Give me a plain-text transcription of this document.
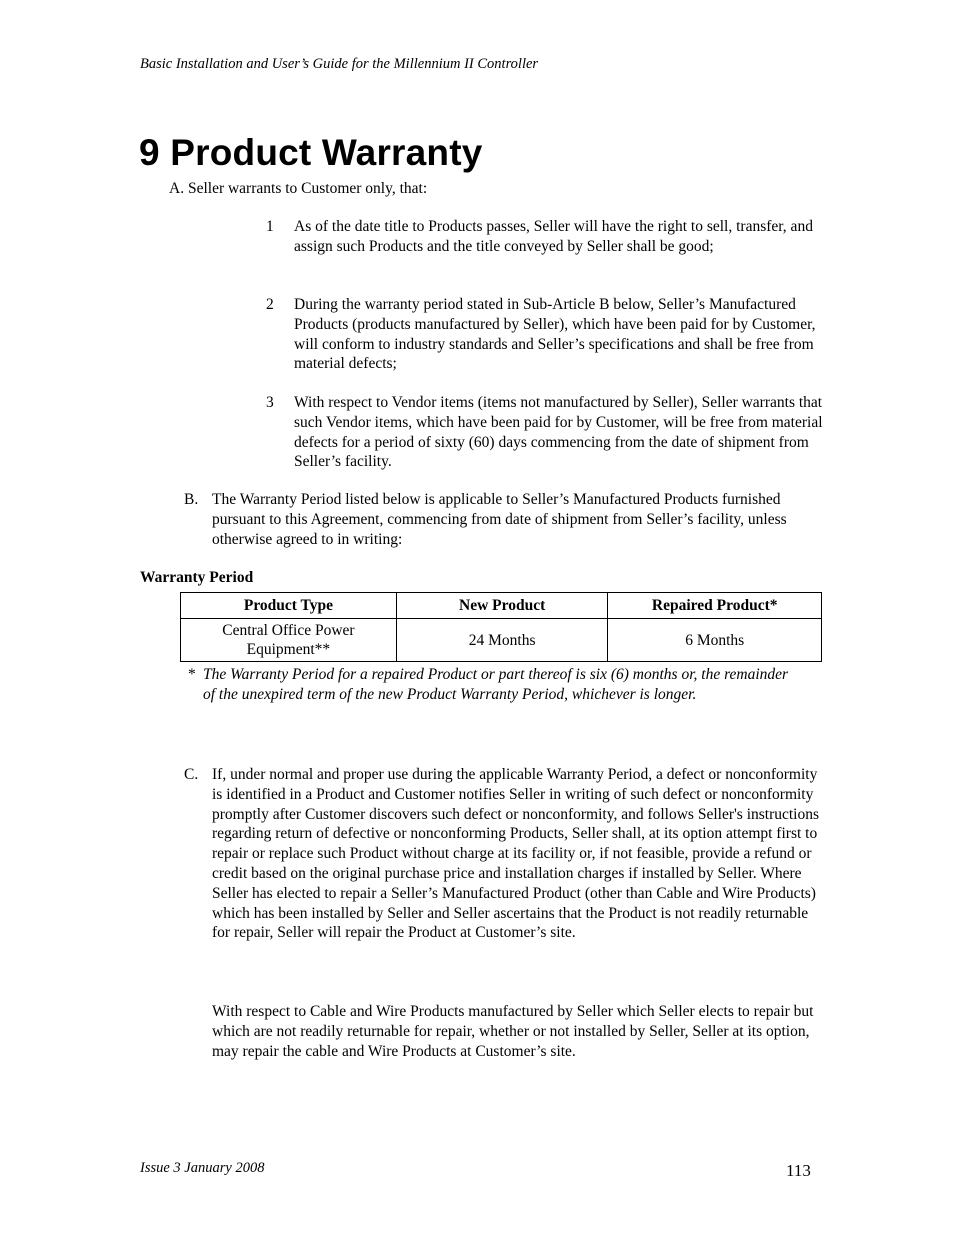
Basic Installation and User’s Guide for the Millennium II Controller
9 Product Warranty
A. Seller warrants to Customer only, that:
1 As of the date title to Products passes, Seller will have the right to sell, transfer, and assign such Products and the title conveyed by Seller shall be good;
2 During the warranty period stated in Sub-Article B below, Seller’s Manufactured Products (products manufactured by Seller), which have been paid for by Customer, will conform to industry standards and Seller’s specifications and shall be free from material defects;
3 With respect to Vendor items (items not manufactured by Seller), Seller warrants that such Vendor items, which have been paid for by Customer, will be free from material defects for a period of sixty (60) days commencing from the date of shipment from Seller’s facility.
B. The Warranty Period listed below is applicable to Seller’s Manufactured Products furnished pursuant to this Agreement, commencing from date of shipment from Seller’s facility, unless otherwise agreed to in writing:
Warranty Period
Product Type	New Product	Repaired Product*

Central Office Power Equipment**	24 Months	6 Months
* The Warranty Period for a repaired Product or part thereof is six (6) months or, the remainder of the unexpired term of the new Product Warranty Period, whichever is longer.
C. If, under normal and proper use during the applicable Warranty Period, a defect or nonconformity is identified in a Product and Customer notifies Seller in writing of such defect or nonconformity promptly after Customer discovers such defect or nonconformity, and follows Seller's instructions regarding return of defective or nonconforming Products, Seller shall, at its option attempt first to repair or replace such Product without charge at its facility or, if not feasible, provide a refund or credit based on the original purchase price and installation charges if installed by Seller. Where Seller has elected to repair a Seller’s Manufactured Product (other than Cable and Wire Products) which has been installed by Seller and Seller ascertains that the Product is not readily returnable for repair, Seller will repair the Product at Customer’s site.
With respect to Cable and Wire Products manufactured by Seller which Seller elects to repair but which are not readily returnable for repair, whether or not installed by Seller, Seller at its option, may repair the cable and Wire Products at Customer’s site.
Issue 3 January 2008	113
